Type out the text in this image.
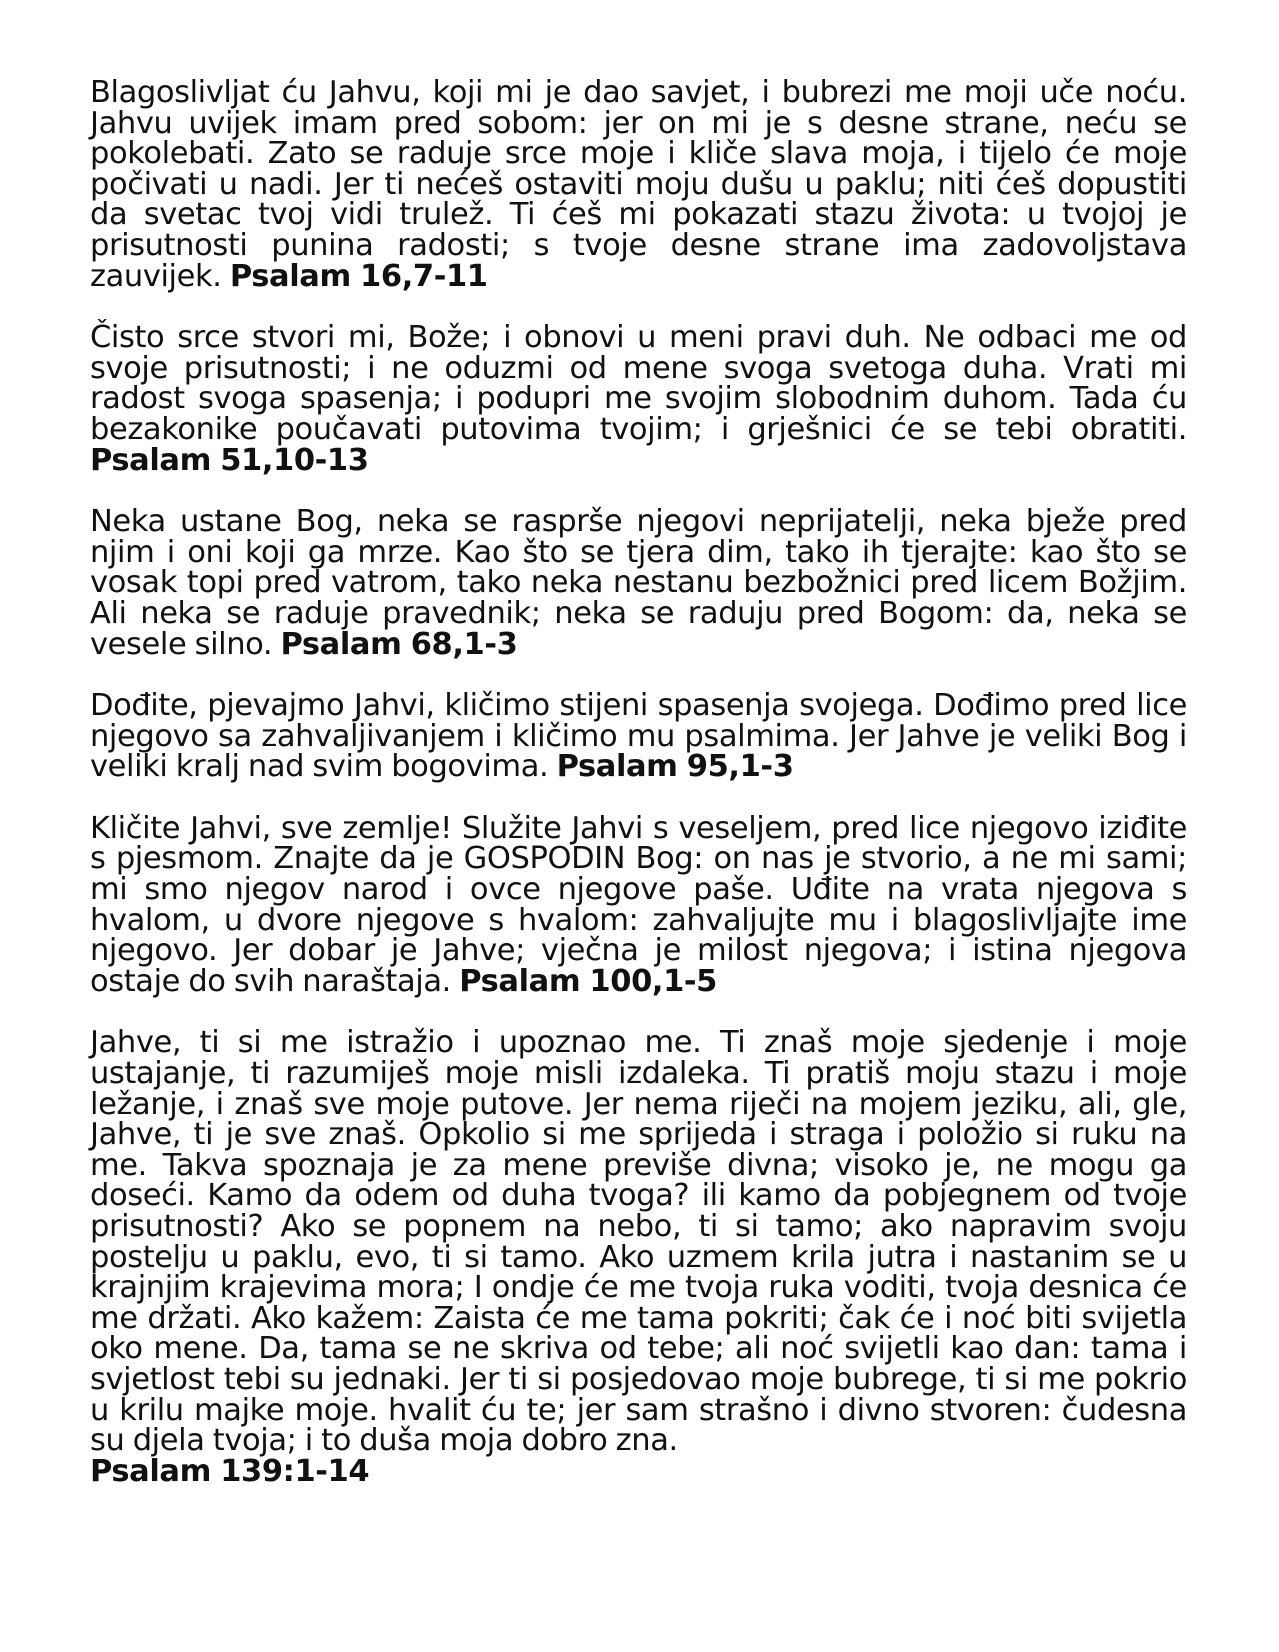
Blagoslivljat ću Jahvu, koji mi je dao savjet, i bubrezi me moji uče noću. Jahvu uvijek imam pred sobom: jer on mi je s desne strane, neću se pokolebati. Zato se raduje srce moje i kliče slava moja, i tijelo će moje počivati u nadi. Jer ti nećeš ostaviti moju dušu u paklu; niti ćeš dopustiti da svetac tvoj vidi trulež. Ti ćeš mi pokazati stazu života: u tvojoj je prisutnosti punina radosti; s tvoje desne strane ima zadovoljstava zauvijek. Psalam 16,7-11

Čisto srce stvori mi, Bože; i obnovi u meni pravi duh. Ne odbaci me od svoje prisutnosti; i ne oduzmi od mene svoga svetoga duha. Vrati mi radost svoga spasenja; i podupri me svojim slobodnim duhom. Tada ću bezakonike poučavati putovima tvojim; i grješnici će se tebi obratiti. Psalam 51,10-13

Neka ustane Bog, neka se raspršе njegovi neprijatelji, neka bježe pred njim i oni koji ga mrze. Kao što se tjera dim, tako ih tjerajte: kao što se vosak topi pred vatrom, tako neka nestanu bezbožnici pred licem Božjim. Ali neka se raduje pravednik; neka se raduju pred Bogom: da, neka se vesele silno. Psalam 68,1-3

Dođite, pjevajmo Jahvi, kličimo stijeni spasenja svojega. Dođimo pred lice njegovo sa zahvaljivanjem i kličimo mu psalmima. Jer Jahve je veliki Bog i veliki kralj nad svim bogovima. Psalam 95,1-3

Kličite Jahvi, sve zemlje! Služite Jahvi s veseljem, pred lice njegovo iziđite s pjesmom. Znajte da je GOSPODIN Bog: on nas je stvorio, a ne mi sami; mi smo njegov narod i ovce njegove paše. Uđite na vrata njegova s hvalom, u dvore njegove s hvalom: zahvaljujte mu i blagoslivljajte ime njegovo. Jer dobar je Jahve; vječna je milost njegova; i istina njegova ostaje do svih naraštaja. Psalam 100,1-5

Jahve, ti si me istražio i upoznao me. Ti znaš moje sjedenje i moje ustajanje, ti razumiješ moje misli izdaleka. Ti pratiš moju stazu i moje ležanje, i znaš sve moje putove. Jer nema riječi na mojem jeziku, ali, gle, Jahve, ti je sve znaš. Opkolio si me sprijeda i straga i položio si ruku na me. Takva spoznaja je za mene previše divna; visoko je, ne mogu ga doseći. Kamo da odem od duha tvoga? ili kamo da pobjegnem od tvoje prisutnosti? Ako se popnem na nebo, ti si tamo; ako napravim svoju postelju u paklu, evo, ti si tamo. Ako uzmem krila jutra i nastanim se u krajnjim krajevima mora; I ondje će me tvoja ruka voditi, tvoja desnica će me držati. Ako kažem: Zaista će me tama pokriti; čak će i noć biti svijetla oko mene. Da, tama se ne skriva od tebe; ali noć svijetli kao dan: tama i svjetlost tebi su jednaki. Jer ti si posjedovao moje bubrege, ti si me pokrio u krilu majke moje. hvalit ću te; jer sam strašno i divno stvoren: čudesna su djela tvoja; i to duša moja dobro zna.
Psalam 139:1-14
